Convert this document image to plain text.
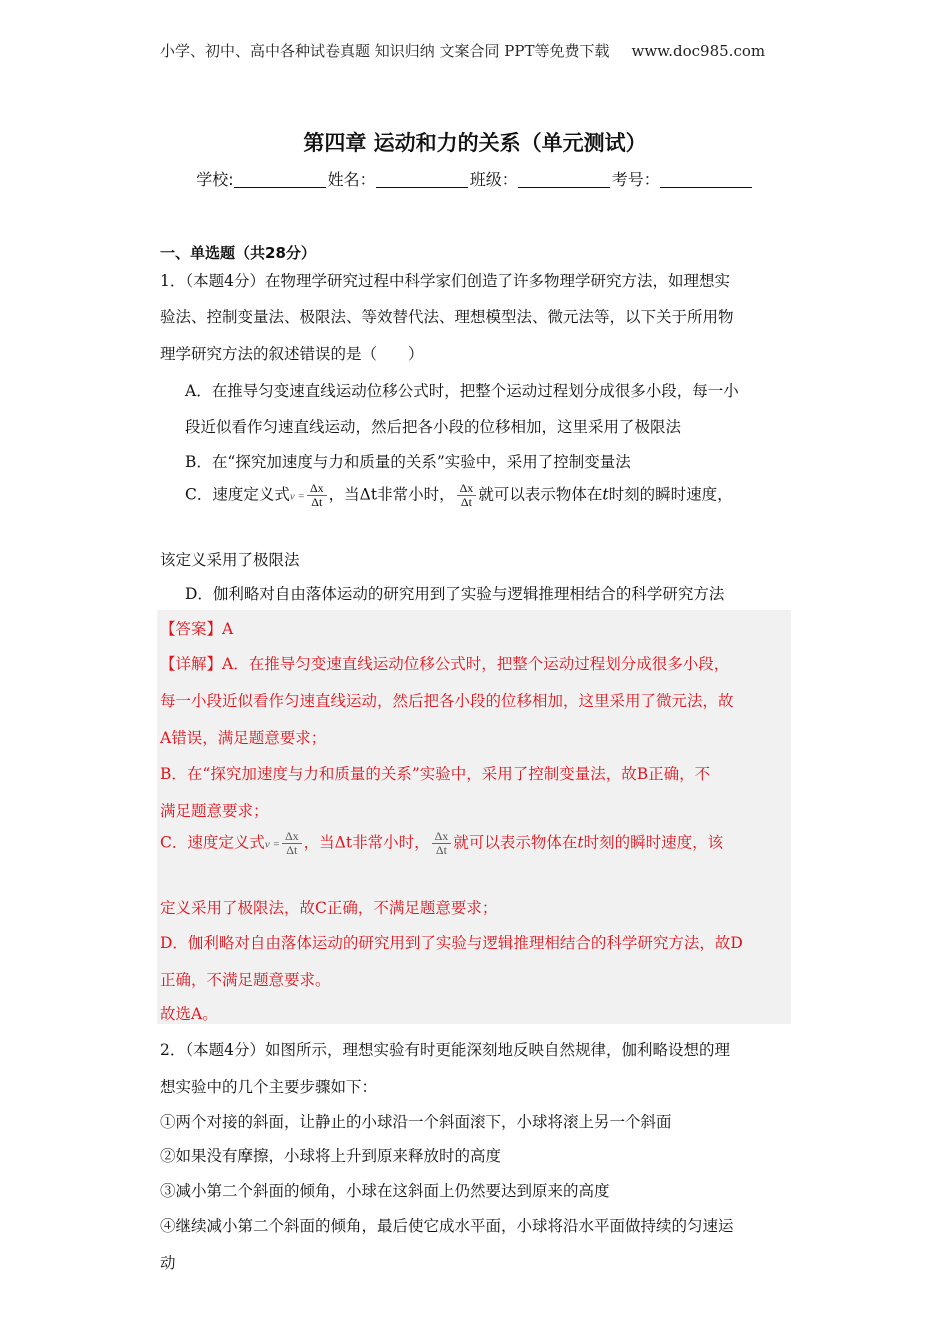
小学、初中、高中各种试卷真题 知识归纳 文案合同 PPT等免费下载 www.doc985.com
第四章 运动和力的关系（单元测试）
学校:	姓名：	班级：	考号：
一、单选题（共28分）
1．（本题4分）在物理学研究过程中科学家们创造了许多物理学研究方法，如理想实
验法、控制变量法、极限法、等效替代法、理想模型法、微元法等，以下关于所用物
理学研究方法的叙述错误的是（　　）
A．在推导匀变速直线运动位移公式时，把整个运动过程划分成很多小段，每一小
段近似看作匀速直线运动，然后把各小段的位移相加，这里采用了极限法
B．在“探究加速度与力和质量的关系”实验中，采用了控制变量法
C．速度定义式$v = \frac{\Delta x}{\Delta t}$ ，当Δt非常小时， $\frac{\Delta x}{\Delta t}$ 就可以表示物体在t时刻的瞬时速度，
该定义采用了极限法
D．伽利略对自由落体运动的研究用到了实验与逻辑推理相结合的科学研究方法
【答案】A
【详解】A．在推导匀变速直线运动位移公式时，把整个运动过程划分成很多小段，
每一小段近似看作匀速直线运动，然后把各小段的位移相加，这里采用了微元法，故
A错误，满足题意要求；
B．在“探究加速度与力和质量的关系”实验中，采用了控制变量法，故B正确，不
满足题意要求；
C．速度定义式$v = \frac{\Delta x}{\Delta t}$ ，当Δt非常小时， $\frac{\Delta x}{\Delta t}$ 就可以表示物体在t时刻的瞬时速度，该
定义采用了极限法，故C正确，不满足题意要求；
D．伽利略对自由落体运动的研究用到了实验与逻辑推理相结合的科学研究方法，故D
正确，不满足题意要求。
故选A。
2．（本题4分）如图所示，理想实验有时更能深刻地反映自然规律，伽利略设想的理
想实验中的几个主要步骤如下：
①两个对接的斜面，让静止的小球沿一个斜面滚下，小球将滚上另一个斜面
②如果没有摩擦，小球将上升到原来释放时的高度
③减小第二个斜面的倾角，小球在这斜面上仍然要达到原来的高度
④继续减小第二个斜面的倾角，最后使它成水平面，小球将沿水平面做持续的匀速运
动
